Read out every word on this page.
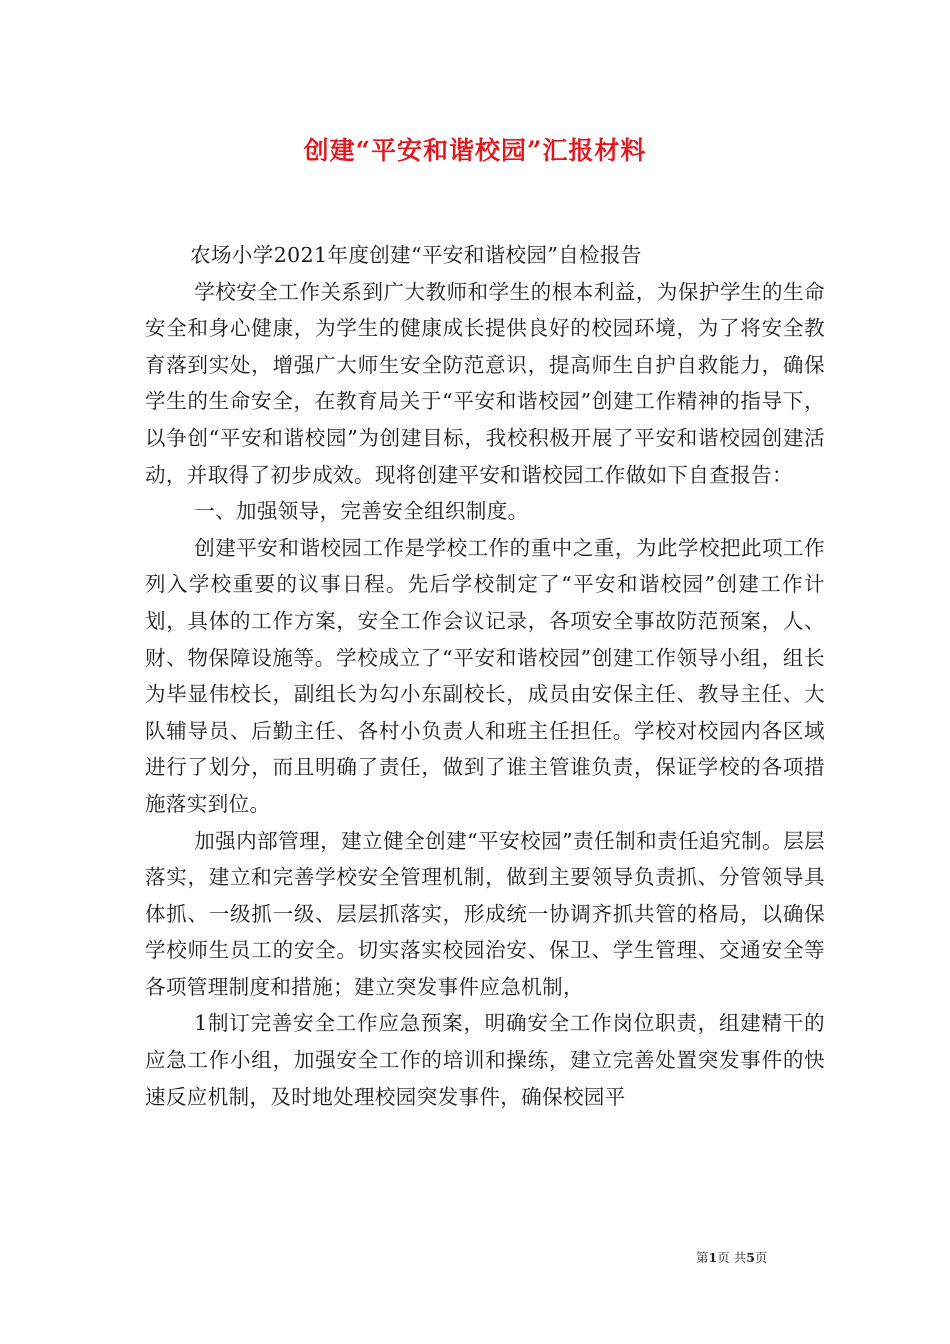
创建“平安和谐校园”汇报材料

农场小学2021年度创建“平安和谐校园”自检报告

学校安全工作关系到广大教师和学生的根本利益，为保护学生的生命安全和身心健康，为学生的健康成长提供良好的校园环境，为了将安全教育落到实处，增强广大师生安全防范意识，提高师生自护自救能力，确保学生的生命安全，在教育局关于“平安和谐校园”创建工作精神的指导下，以争创“平安和谐校园”为创建目标，我校积极开展了平安和谐校园创建活动，并取得了初步成效。现将创建平安和谐校园工作做如下自查报告：

一、加强领导，完善安全组织制度。

创建平安和谐校园工作是学校工作的重中之重，为此学校把此项工作列入学校重要的议事日程。先后学校制定了“平安和谐校园”创建工作计划，具体的工作方案，安全工作会议记录，各项安全事故防范预案，人、财、物保障设施等。学校成立了“平安和谐校园”创建工作领导小组，组长为毕显伟校长，副组长为勾小东副校长，成员由安保主任、教导主任、大队辅导员、后勤主任、各村小负责人和班主任担任。学校对校园内各区域进行了划分，而且明确了责任，做到了谁主管谁负责，保证学校的各项措施落实到位。

加强内部管理，建立健全创建“平安校园”责任制和责任追究制。层层落实，建立和完善学校安全管理机制，做到主要领导负责抓、分管领导具体抓、一级抓一级、层层抓落实，形成统一协调齐抓共管的格局，以确保学校师生员工的安全。切实落实校园治安、保卫、学生管理、交通安全等各项管理制度和措施；建立突发事件应急机制，

1制订完善安全工作应急预案，明确安全工作岗位职责，组建精干的应急工作小组，加强安全工作的培训和操练，建立完善处置突发事件的快速反应机制，及时地处理校园突发事件，确保校园平

第1页 共5页
